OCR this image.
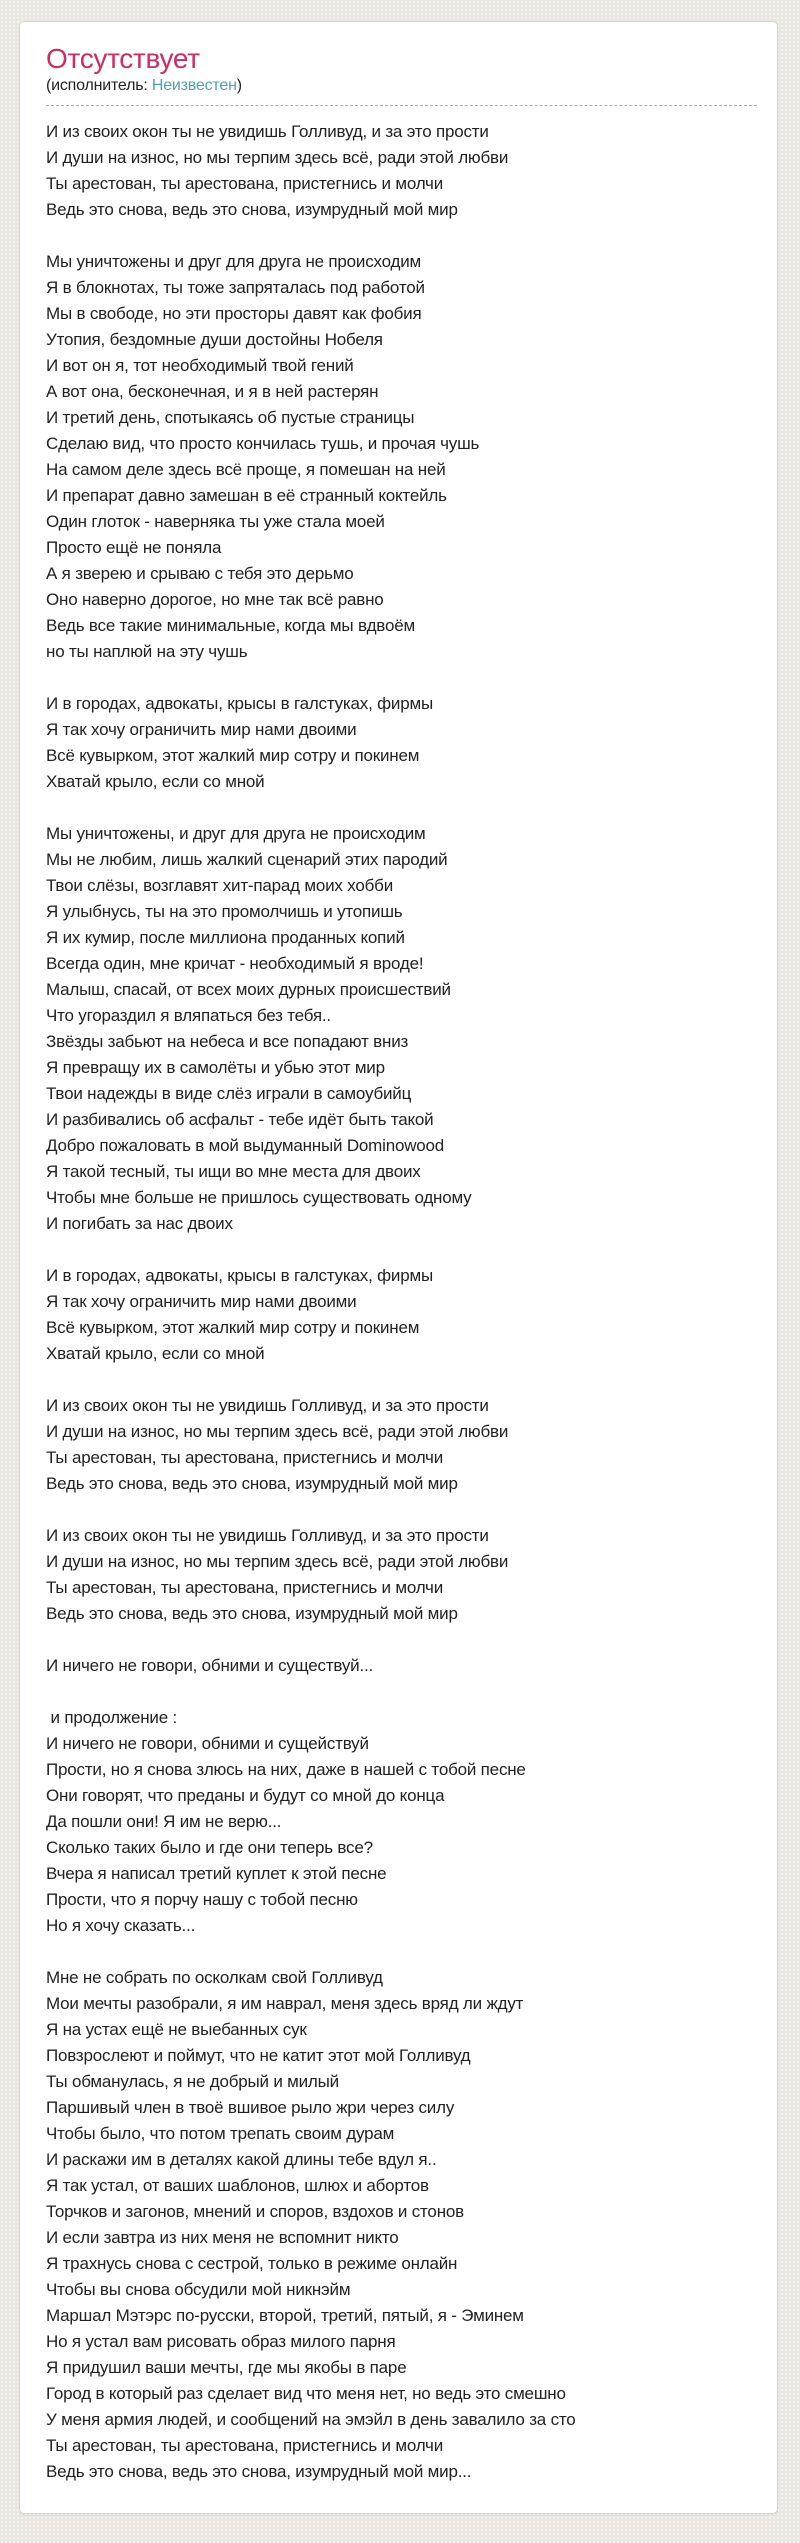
Отсутствует
(исполнитель: Неизвестен)
И из своих окон ты не увидишь Голливуд, и за это прости
И души на износ, но мы терпим здесь всё, ради этой любви
Ты арестован, ты арестована, пристегнись и молчи
Ведь это снова, ведь это снова, изумрудный мой мир
Мы уничтожены и друг для друга не происходим
Я в блокнотах, ты тоже запряталась под работой
Мы в свободе, но эти просторы давят как фобия
Утопия, бездомные души достойны Нобеля
И вот он я, тот необходимый твой гений
А вот она, бесконечная, и я в ней растерян
И третий день, спотыкаясь об пустые страницы
Сделаю вид, что просто кончилась тушь, и прочая чушь
На самом деле здесь всё проще, я помешан на ней
И препарат давно замешан в её странный коктейль
Один глоток - наверняка ты уже стала моей
Просто ещё не поняла
А я зверею и срываю с тебя это дерьмо
Оно наверно дорогое, но мне так всё равно
Ведь все такие минимальные, когда мы вдвоём
но ты наплюй на эту чушь
И в городах, адвокаты, крысы в галстуках, фирмы
Я так хочу ограничить мир нами двоими
Всё кувырком, этот жалкий мир сотру и покинем
Хватай крыло, если со мной
Мы уничтожены, и друг для друга не происходим
Мы не любим, лишь жалкий сценарий этих пародий
Твои слёзы, возглавят хит-парад моих хобби
Я улыбнусь, ты на это промолчишь и утопишь
Я их кумир, после миллиона проданных копий
Всегда один, мне кричат - необходимый я вроде!
Малыш, спасай, от всех моих дурных происшествий
Что угораздил я вляпаться без тебя..
Звёзды забьют на небеса и все попадают вниз
Я превращу их в самолёты и убью этот мир
Твои надежды в виде слёз играли в самоубийц
И разбивались об асфальт - тебе идёт быть такой
Добро пожаловать в мой выдуманный Dominowood
Я такой тесный, ты ищи во мне места для двоих
Чтобы мне больше не пришлось существовать одному
И погибать за нас двоих
И в городах, адвокаты, крысы в галстуках, фирмы
Я так хочу ограничить мир нами двоими
Всё кувырком, этот жалкий мир сотру и покинем
Хватай крыло, если со мной
И из своих окон ты не увидишь Голливуд, и за это прости
И души на износ, но мы терпим здесь всё, ради этой любви
Ты арестован, ты арестована, пристегнись и молчи
Ведь это снова, ведь это снова, изумрудный мой мир
И из своих окон ты не увидишь Голливуд, и за это прости
И души на износ, но мы терпим здесь всё, ради этой любви
Ты арестован, ты арестована, пристегнись и молчи
Ведь это снова, ведь это снова, изумрудный мой мир
И ничего не говори, обними и существуй...
и продолжение :
И ничего не говори, обними и сущействуй
Прости, но я снова злюсь на них, даже в нашей с тобой песне
Они говорят, что преданы и будут со мной до конца
Да пошли они! Я им не верю...
Сколько таких было и где они теперь все?
Вчера я написал третий куплет к этой песне
Прости, что я порчу нашу с тобой песню
Но я хочу сказать...
Мне не собрать по осколкам свой Голливуд
Мои мечты разобрали, я им наврал, меня здесь вряд ли ждут
Я на устах ещё не выебанных сук
Повзрослеют и поймут, что не катит этот мой Голливуд
Ты обманулась, я не добрый и милый
Паршивый член в твоё вшивое рыло жри через силу
Чтобы было, что потом трепать своим дурам
И раскажи им в деталях какой длины тебе вдул я..
Я так устал, от ваших шаблонов, шлюх и абортов
Торчков и загонов, мнений и споров, вздохов и стонов
И если завтра из них меня не вспомнит никто
Я трахнусь снова с сестрой, только в режиме онлайн
Чтобы вы снова обсудили мой никнэйм
Маршал Мэтэрс по-русски, второй, третий, пятый, я - Эминем
Но я устал вам рисовать образ милого парня
Я придушил ваши мечты, где мы якобы в паре
Город в который раз сделает вид что меня нет, но ведь это смешно
У меня армия людей, и сообщений на эмэйл в день завалило за сто
Ты арестован, ты арестована, пристегнись и молчи
Ведь это снова, ведь это снова, изумрудный мой мир...
